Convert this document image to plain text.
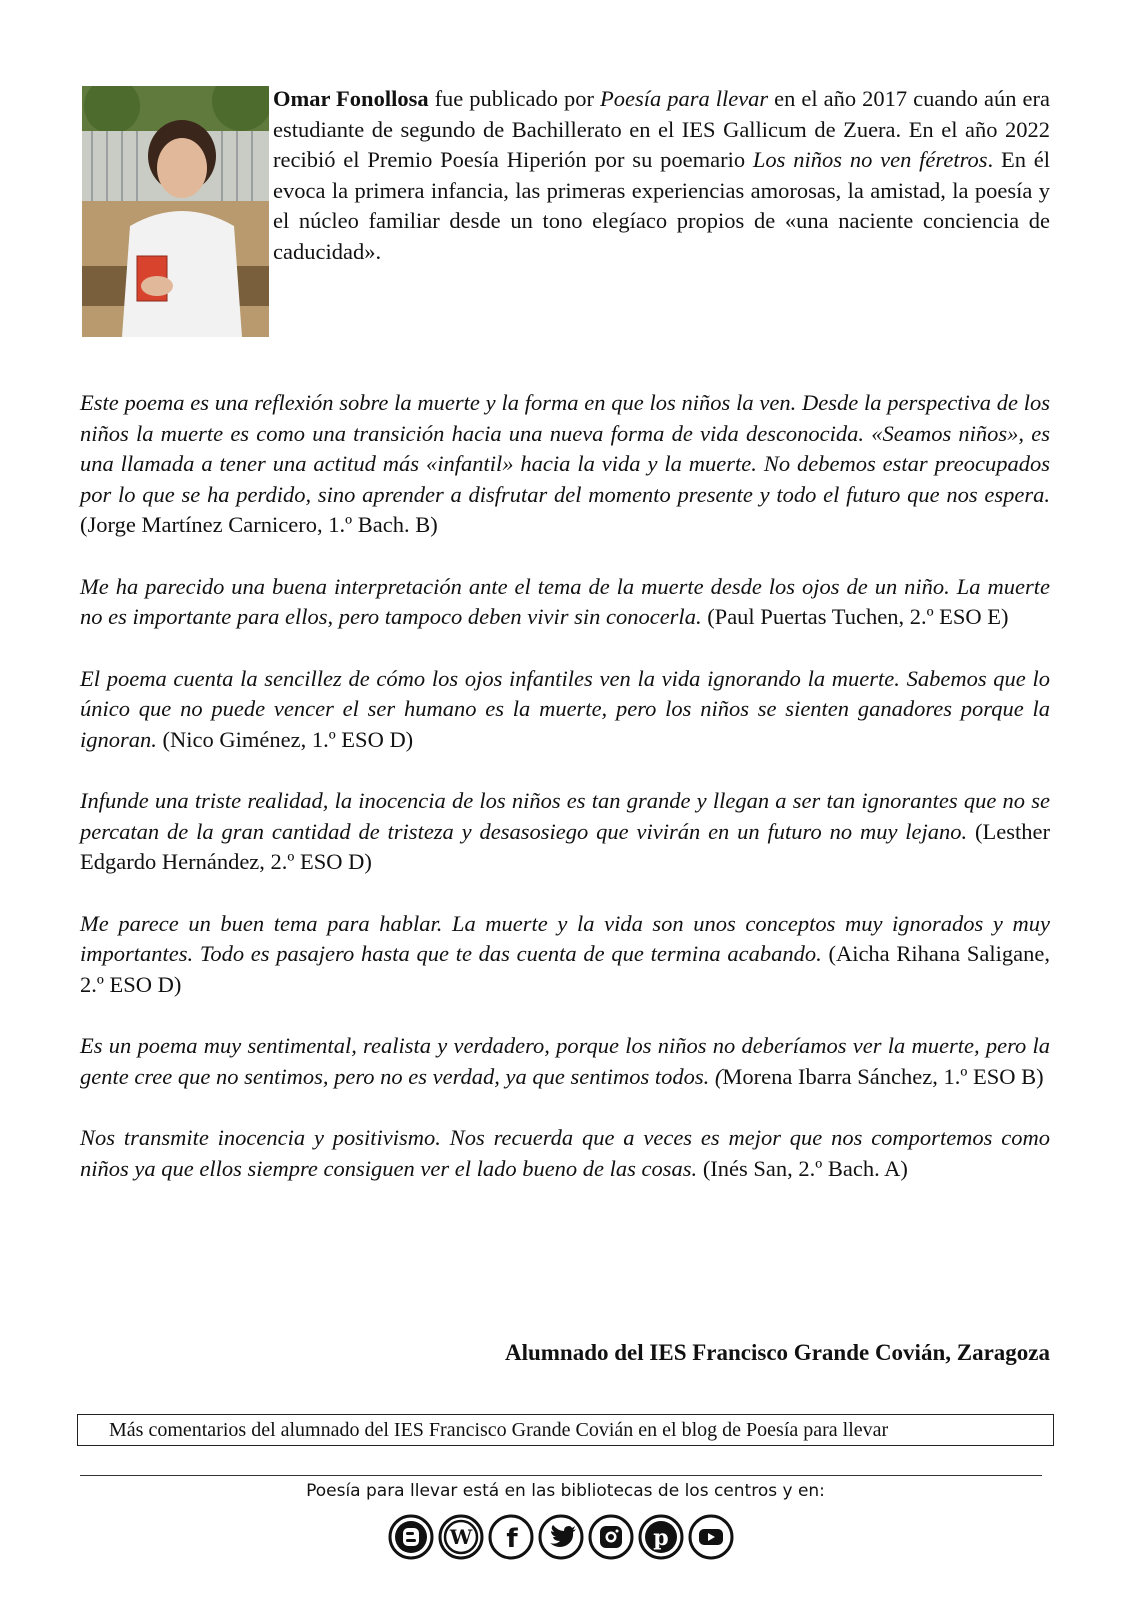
Omar Fonollosa fue publicado por Poesía para llevar en el año 2017 cuando aún era estudiante de segundo de Bachillerato en el IES Gallicum de Zuera. En el año 2022 recibió el Premio Poesía Hiperión por su poemario Los niños no ven féretros. En él evoca la primera infancia, las primeras experiencias amorosas, la amistad, la poesía y el núcleo familiar desde un tono elegíaco propios de «una naciente conciencia de caducidad».

Este poema es una reflexión sobre la muerte y la forma en que los niños la ven. Desde la perspectiva de los niños la muerte es como una transición hacia una nueva forma de vida desconocida. «Seamos niños», es una llamada a tener una actitud más «infantil» hacia la vida y la muerte. No debemos estar preocupados por lo que se ha perdido, sino aprender a disfrutar del momento presente y todo el futuro que nos espera. (Jorge Martínez Carnicero, 1.º Bach. B)

Me ha parecido una buena interpretación ante el tema de la muerte desde los ojos de un niño. La muerte no es importante para ellos, pero tampoco deben vivir sin conocerla. (Paul Puertas Tuchen, 2.º ESO E)

El poema cuenta la sencillez de cómo los ojos infantiles ven la vida ignorando la muerte. Sabemos que lo único que no puede vencer el ser humano es la muerte, pero los niños se sienten ganadores porque la ignoran. (Nico Giménez, 1.º ESO D)

Infunde una triste realidad, la inocencia de los niños es tan grande y llegan a ser tan ignorantes que no se percatan de la gran cantidad de tristeza y desasosiego que vivirán en un futuro no muy lejano. (Lesther Edgardo Hernández, 2.º ESO D)

Me parece un buen tema para hablar. La muerte y la vida son unos conceptos muy ignorados y muy importantes. Todo es pasajero hasta que te das cuenta de que termina acabando. (Aicha Rihana Saligane, 2.º ESO D)

Es un poema muy sentimental, realista y verdadero, porque los niños no deberíamos ver la muerte, pero la gente cree que no sentimos, pero no es verdad, ya que sentimos todos. (Morena Ibarra Sánchez, 1.º ESO B)

Nos transmite inocencia y positivismo. Nos recuerda que a veces es mejor que nos comportemos como niños ya que ellos siempre consiguen ver el lado bueno de las cosas. (Inés San, 2.º Bach. A)

Alumnado del IES Francisco Grande Covián, Zaragoza

Más comentarios del alumnado del IES Francisco Grande Covián en el blog de Poesía para llevar
Poesía para llevar está en las bibliotecas de los centros y en:
W f	p
